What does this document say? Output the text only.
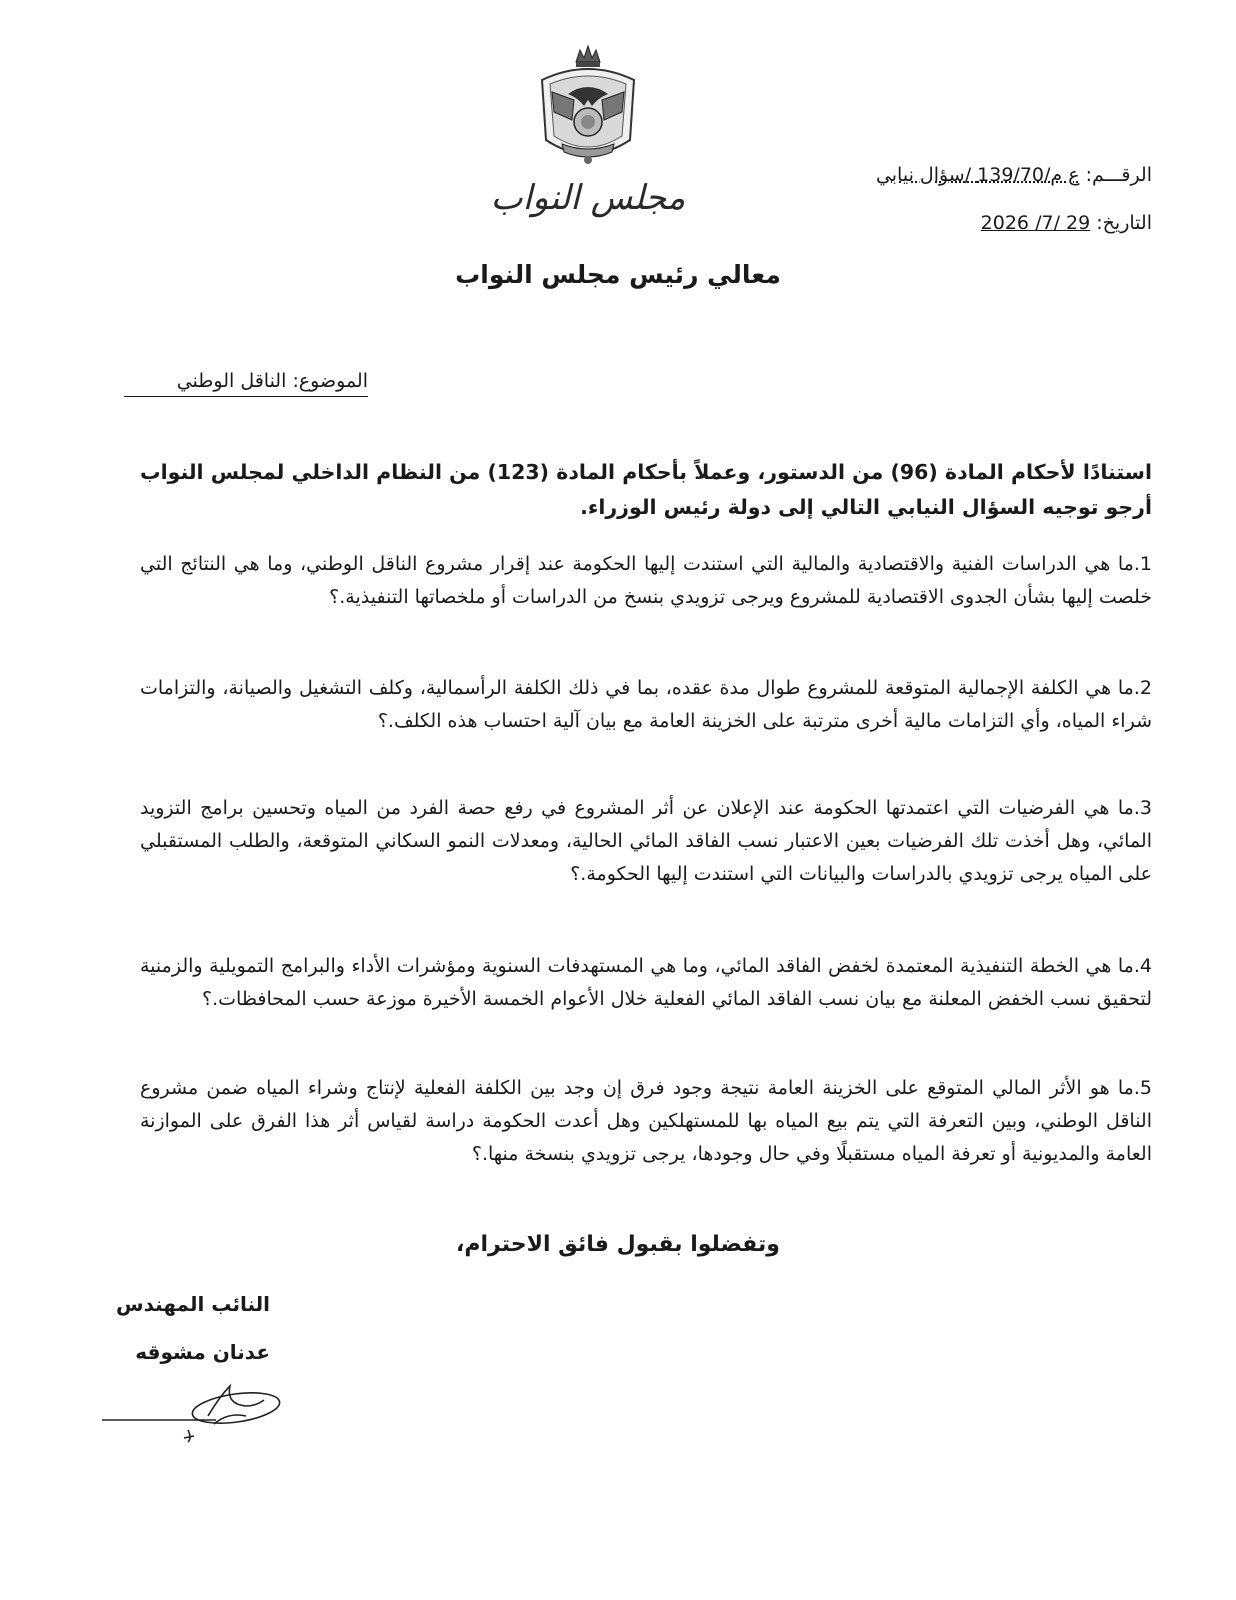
مجلس النواب
الرقـــم: ع م/139/70 /سؤال نيابي
التاريخ: 29 /7/ 2026
معالي رئيس مجلس النواب
الموضوع: الناقل الوطني
استنادًا لأحكام المادة (96) من الدستور، وعملاً بأحكام المادة (123) من النظام الداخلي لمجلس النواب أرجو توجيه السؤال النيابي التالي إلى دولة رئيس الوزراء.
1.ما هي الدراسات الفنية والاقتصادية والمالية التي استندت إليها الحكومة عند إقرار مشروع الناقل الوطني، وما هي النتائج التي خلصت إليها بشأن الجدوى الاقتصادية للمشروع ويرجى تزويدي بنسخ من الدراسات أو ملخصاتها التنفيذية.؟
2.ما هي الكلفة الإجمالية المتوقعة للمشروع طوال مدة عقده، بما في ذلك الكلفة الرأسمالية، وكلف التشغيل والصيانة، والتزامات شراء المياه، وأي التزامات مالية أخرى مترتبة على الخزينة العامة مع بيان آلية احتساب هذه الكلف.؟
3.ما هي الفرضيات التي اعتمدتها الحكومة عند الإعلان عن أثر المشروع في رفع حصة الفرد من المياه وتحسين برامج التزويد المائي، وهل أخذت تلك الفرضيات بعين الاعتبار نسب الفاقد المائي الحالية، ومعدلات النمو السكاني المتوقعة، والطلب المستقبلي على المياه يرجى تزويدي بالدراسات والبيانات التي استندت إليها الحكومة.؟
4.ما هي الخطة التنفيذية المعتمدة لخفض الفاقد المائي، وما هي المستهدفات السنوية ومؤشرات الأداء والبرامج التمويلية والزمنية لتحقيق نسب الخفض المعلنة مع بيان نسب الفاقد المائي الفعلية خلال الأعوام الخمسة الأخيرة موزعة حسب المحافظات.؟
5.ما هو الأثر المالي المتوقع على الخزينة العامة نتيجة وجود فرق إن وجد بين الكلفة الفعلية لإنتاج وشراء المياه ضمن مشروع الناقل الوطني، وبين التعرفة التي يتم بيع المياه بها للمستهلكين وهل أعدت الحكومة دراسة لقياس أثر هذا الفرق على الموازنة العامة والمديونية أو تعرفة المياه مستقبلًا وفي حال وجودها، يرجى تزويدي بنسخة منها.؟
وتفضلوا بقبول فائق الاحترام،
النائب المهندس
عدنان مشوقه
